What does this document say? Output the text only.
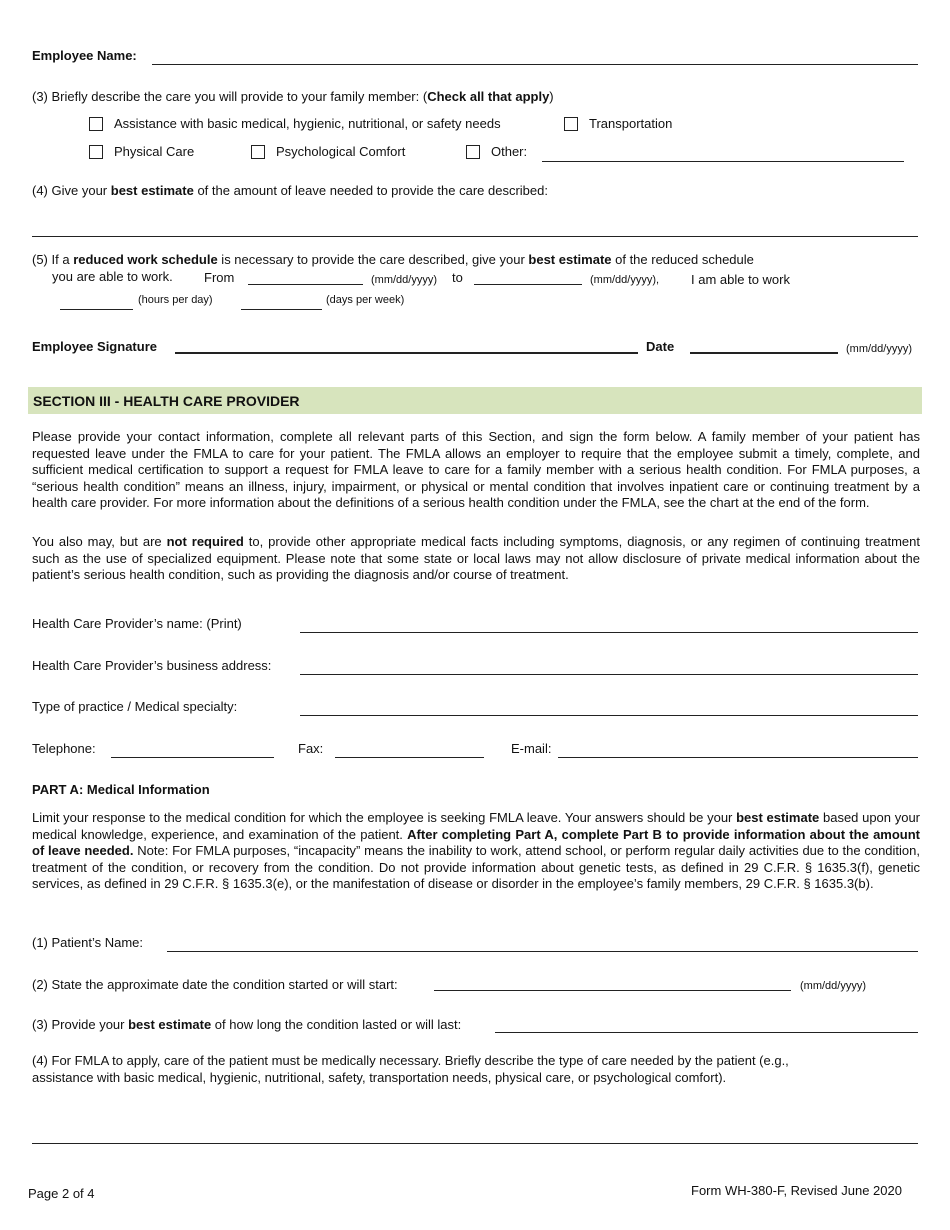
Employee Name:
(3) Briefly describe the care you will provide to your family member: (Check all that apply)
Assistance with basic medical, hygienic, nutritional, or safety needs	Transportation
Physical Care	Psychological Comfort	Other:
(4) Give your best estimate of the amount of leave needed to provide the care described:
(5) If a reduced work schedule is necessary to provide the care described, give your best estimate of the reduced schedule
you are able to work. From	(mm/dd/yyyy) to	(mm/dd/yyyy), I am able to work
(hours per day)	(days per week)
Employee Signature	Date	(mm/dd/yyyy)
SECTION III - HEALTH CARE PROVIDER
Please provide your contact information, complete all relevant parts of this Section, and sign the form below. A family member of your patient has requested leave under the FMLA to care for your patient. The FMLA allows an employer to require that the employee submit a timely, complete, and sufficient medical certification to support a request for FMLA leave to care for a family member with a serious health condition. For FMLA purposes, a “serious health condition” means an illness, injury, impairment, or physical or mental condition that involves inpatient care or continuing treatment by a health care provider. For more information about the definitions of a serious health condition under the FMLA, see the chart at the end of the form.
You also may, but are not required to, provide other appropriate medical facts including symptoms, diagnosis, or any regimen of continuing treatment such as the use of specialized equipment. Please note that some state or local laws may not allow disclosure of private medical information about the patient’s serious health condition, such as providing the diagnosis and/or course of treatment.
Health Care Provider’s name: (Print)
Health Care Provider’s business address:
Type of practice / Medical specialty:
Telephone:	Fax:	E-mail:
PART A: Medical Information
Limit your response to the medical condition for which the employee is seeking FMLA leave. Your answers should be your best estimate based upon your medical knowledge, experience, and examination of the patient. After completing Part A, complete Part B to provide information about the amount of leave needed. Note: For FMLA purposes, “incapacity” means the inability to work, attend school, or perform regular daily activities due to the condition, treatment of the condition, or recovery from the condition. Do not provide information about genetic tests, as defined in 29 C.F.R. § 1635.3(f), genetic services, as defined in 29 C.F.R. § 1635.3(e), or the manifestation of disease or disorder in the employee’s family members, 29 C.F.R. § 1635.3(b).
(1) Patient’s Name:
(2) State the approximate date the condition started or will start:	(mm/dd/yyyy)
(3) Provide your best estimate of how long the condition lasted or will last:
(4) For FMLA to apply, care of the patient must be medically necessary. Briefly describe the type of care needed by the patient (e.g.,
assistance with basic medical, hygienic, nutritional, safety, transportation needs, physical care, or psychological comfort).
Page 2 of 4	Form WH-380-F, Revised June 2020
